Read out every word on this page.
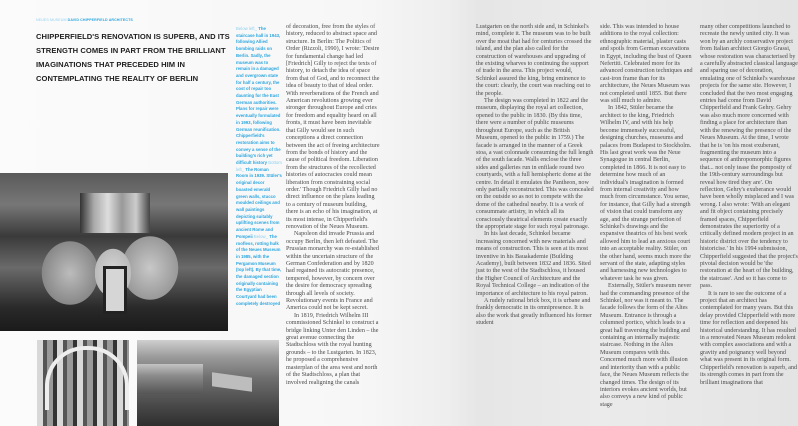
NEUES MUSEUM DAVID CHIPPERFIELD ARCHITECTS
CHIPPERFIELD'S RENOVATION IS SUPERB, AND ITS STRENGTH COMES IN PART FROM THE BRILLIANT IMAGINATIONS THAT PRECEDED HIM IN CONTEMPLATING THE REALITY OF BERLIN
Below left_ The staircase hall in 1943, following Allied bombing raids on Berlin. Sadly, the museum was to remain in a damaged and overgrown state for half a century, the cost of repair too daunting for the East German authorities. Plans for repair were eventually formulated in 1993, following German reunification. Chipperfield's restoration aims to convey a sense of the building's rich yet difficult history Bottom left_ The Roman Room in 1939. Stüler's original decor boasted emerald green walls, stucco moulded ceilings and wall paintings depicting suitably uplifting scenes from ancient Rome and Pompeii Below_ The roofless, rotting hulk of the Neues Museum in 1985, with the Pergamon Museum (top left). By that time, the damaged section originally containing the Egyptian Courtyard had been completely destroyed

of decoration, free from the styles of history, reduced to abstract space and structure. In Berlin: The Politics of Order (Rizzoli, 1990), I wrote: 'Desire for fundamental change had led [Friedrich] Gilly to reject the texts of history, to detach the idea of space from that of God, and to reconnect the idea of beauty to that of ideal order. With reverberations of the French and American revolutions growing ever stronger throughout Europe and cries for freedom and equality heard on all fronts, it must have been inevitable that Gilly would see in such conceptions a direct connection between the act of freeing architecture from the bonds of history and the cause of political freedom. Liberation from the structures of the recollected histories of autocracies could mean liberation from constraining social order.' Though Friedrich Gilly had no direct influence on the plans leading to a century of museum building, there is an echo of his imagination, at its most intense, in Chipperfield's renovation of the Neues Museum.

Napoleon did invade Prussia and occupy Berlin, then left defeated. The Prussian monarchy was re-established within the uncertain structure of the German Confederation and by 1820 had regained its autocratic presence, tempered, however, by concern over the desire for democracy spreading through all levels of society. Revolutionary events in France and America could not be kept secret.

In 1819, Friedrich Wilhelm III commissioned Schinkel to construct a bridge linking Unter den Linden – the great avenue connecting the Stadtschloss with the royal hunting grounds – to the Lustgarten. In 1823, he proposed a comprehensive masterplan of the area west and north of the Stadtschloss, a plan that involved realigning the canals

Lustgarten on the north side and, in Schinkel's mind, complete it. The museum was to be built over the moat that had for centuries crossed the island, and the plan also called for the construction of warehouses and upgrading of the existing wharves to continuing the support of trade in the area. This project would, Schinkel assured the king, bring eminence to the court: clearly, the court was reaching out to the people.

The design was completed in 1822 and the museum, displaying the royal art collection, opened to the public in 1830. (By this time, there were a number of public museums throughout Europe, such as the British Museum, opened to the public in 1759.) The facade is arranged in the manner of a Greek stoa, a vast colonnade consuming the full length of the south facade. Walls enclose the three sides and galleries run in enfilade round two courtyards, with a full hemispheric dome at the centre. In detail it emulates the Pantheon, now only partially reconstructed. This was concealed on the outside so as not to compete with the dome of the cathedral nearby. It is a work of consummate artistry, in which all its consciously theatrical elements create exactly the appropriate stage for such royal patronage.

In his last decade, Schinkel became increasing concerned with new materials and means of construction. This is seen at its most inventive in his Bauakademie (Building Academy), built between 1832 and 1836. Sited just to the west of the Stadtschloss, it housed the Higher Council of Architecture and the Royal Technical College – an indication of the importance of architecture to his royal patron.

A rudely rational brick box, it is urbane and frankly democratic in its omnipresence. It is also the work that greatly influenced his former student

side. This was intended to house additions to the royal collection: ethnographic material, plaster casts and spoils from German excavations in Egypt, including the bust of Queen Nefertiti. Celebrated more for its advanced construction techniques and cast-iron frame than for its architecture, the Neues Museum was not completed until 1855. But there was still much to admire.

In 1842, Stüler became the architect to the king, Friedrich Wilhelm IV, and with his help become immensely successful, designing churches, museums and palaces from Budapest to Stockholm. His last great work was the Neue Synagogue in central Berlin, completed in 1866. It is not easy to determine how much of an individual's imagination is formed from internal creativity and how much from circumstance. You sense, for instance, that Gilly had a strength of vision that could transform any age, and the strange perfection of Schinkel's drawings and the expansive theatrics of his best work allowed him to lead an anxious court into an acceptable reality. Stüler, on the other hand, seems much more the servant of the state, adapting styles and harnessing new technologies to whatever task he was given.

Externally, Stüler's museum never had the commanding presence of the Schinkel, nor was it meant to. The facade follows the form of the Altes Museum. Entrance is through a columned portico, which leads to a great hall traversing the building and containing an internally majestic staircase. Nothing in the Altes Museum compares with this. Concerned much more with illusion and interiority than with a public face, the Neues Museum reflects the changed times. The design of its interiors evokes ancient worlds, but also conveys a new kind of public stage

many other competitions launched to recreate the newly united city. It was won by an archly conservative project from Italian architect Giorgio Grassi, whose restoration was characterised by a carefully abstracted classical language and sparing use of decoration, emulating one of Schinkel's warehouse projects for the same site. However, I concluded that the two most engaging entries had come from David Chipperfield and Frank Gehry. Gehry was also much more concerned with finding a place for architecture than with the renewing the presence of the Neues Museum. At the time, I wrote that he is 'on his most exuberant, fragmenting the museum into a sequence of anthropomorphic figures that... not only tease the pomposity of the 19th-century surroundings but reveal how tired they are'. On reflection, Gehry's exuberance would have been wholly misplaced and I was wrong. I also wrote: 'With an elegant and fit object containing precisely framed spaces, Chipperfield demonstrates the superiority of a critically defined modern project in an historic district over the tendency to historicise.' In his 1994 submission, Chipperfield suggested that the project's pivotal decision would be 'the restoration at the heart of the building, the staircase'. And so it has come to pass.

It is rare to see the outcome of a project that an architect has contemplated for many years. But this delay provided Chipperfield with more time for reflection and deepened his historical understanding. It has resulted in a renovated Neues Museum redolent with complex associations and with a gravity and poignancy well beyond what was present in its original form. Chipperfield's renovation is superb, and its strength comes in part from the brilliant imaginations that
